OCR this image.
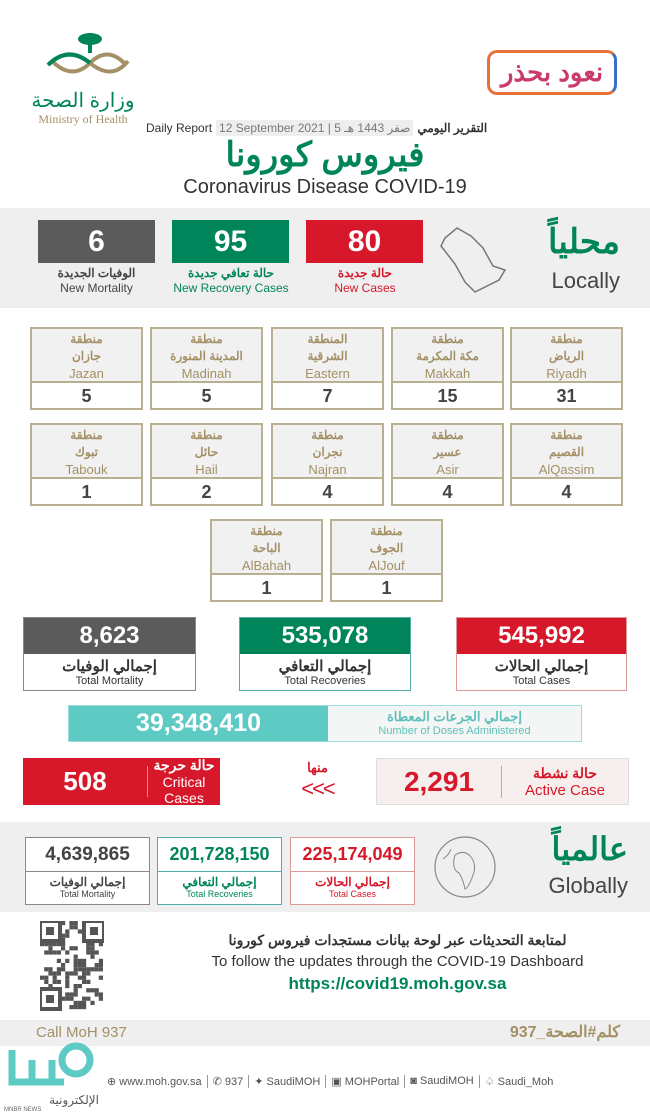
وزارة الصحة
Ministry of Health
نعود بحذر
Daily Report 12 September 2021 | 5 صفر 1443 هـ التقرير اليومي
فيروس كورونا
Coronavirus Disease COVID-19
6	95	80
الوفيات الجديدة
New Mortality
حالة تعافي جديدة
New Recovery Cases
حالة جديدة
New Cases
محلياً
Locally
منطقة
الرياض
Riyadh
31
منطقة
مكة المكرمة
Makkah
15
المنطقة
الشرقية
Eastern
7
منطقة
المدينة المنورة
Madinah
5
منطقة
جازان
Jazan
5
منطقة
القصيم
AlQassim
4
منطقة
عسير
Asir
4
منطقة
نجران
Najran
4
منطقة
حائل
Hail
2
منطقة
تبوك
Tabouk
1
منطقة
الجوف
AlJouf
1
منطقة
الباحة
AlBahah
1
8,623
إجمالي الوفيات
Total Mortality
535,078
إجمالي التعافي
Total Recoveries
545,992
إجمالي الحالات
Total Cases
39,348,410	إجمالي الجرعات المعطاة
Number of Doses Administered
508
حالة حرجة
Critical Cases
منها
<<<	2,291	حالة نشطة
Active Case
4,639,865
إجمالي الوفيات
Total Mortality
201,728,150
إجمالي التعافي
Total Recoveries
225,174,049
إجمالي الحالات
Total Cases
عالمياً
Globally
لمتابعة التحديثات عبر لوحة بيانات مستجدات فيروس كورونا
To follow the updates through the COVID-19 Dashboard
https://covid19.moh.gov.sa
Call MoH 937	كلم#الصحة_937
⊕ www.moh.gov.sa	✆ 937	✦ SaudiMOH	▣ MOHPortal	◙ SaudiMOH	♤ Saudi_Moh
الإلكترونية
MNBR NEWS
